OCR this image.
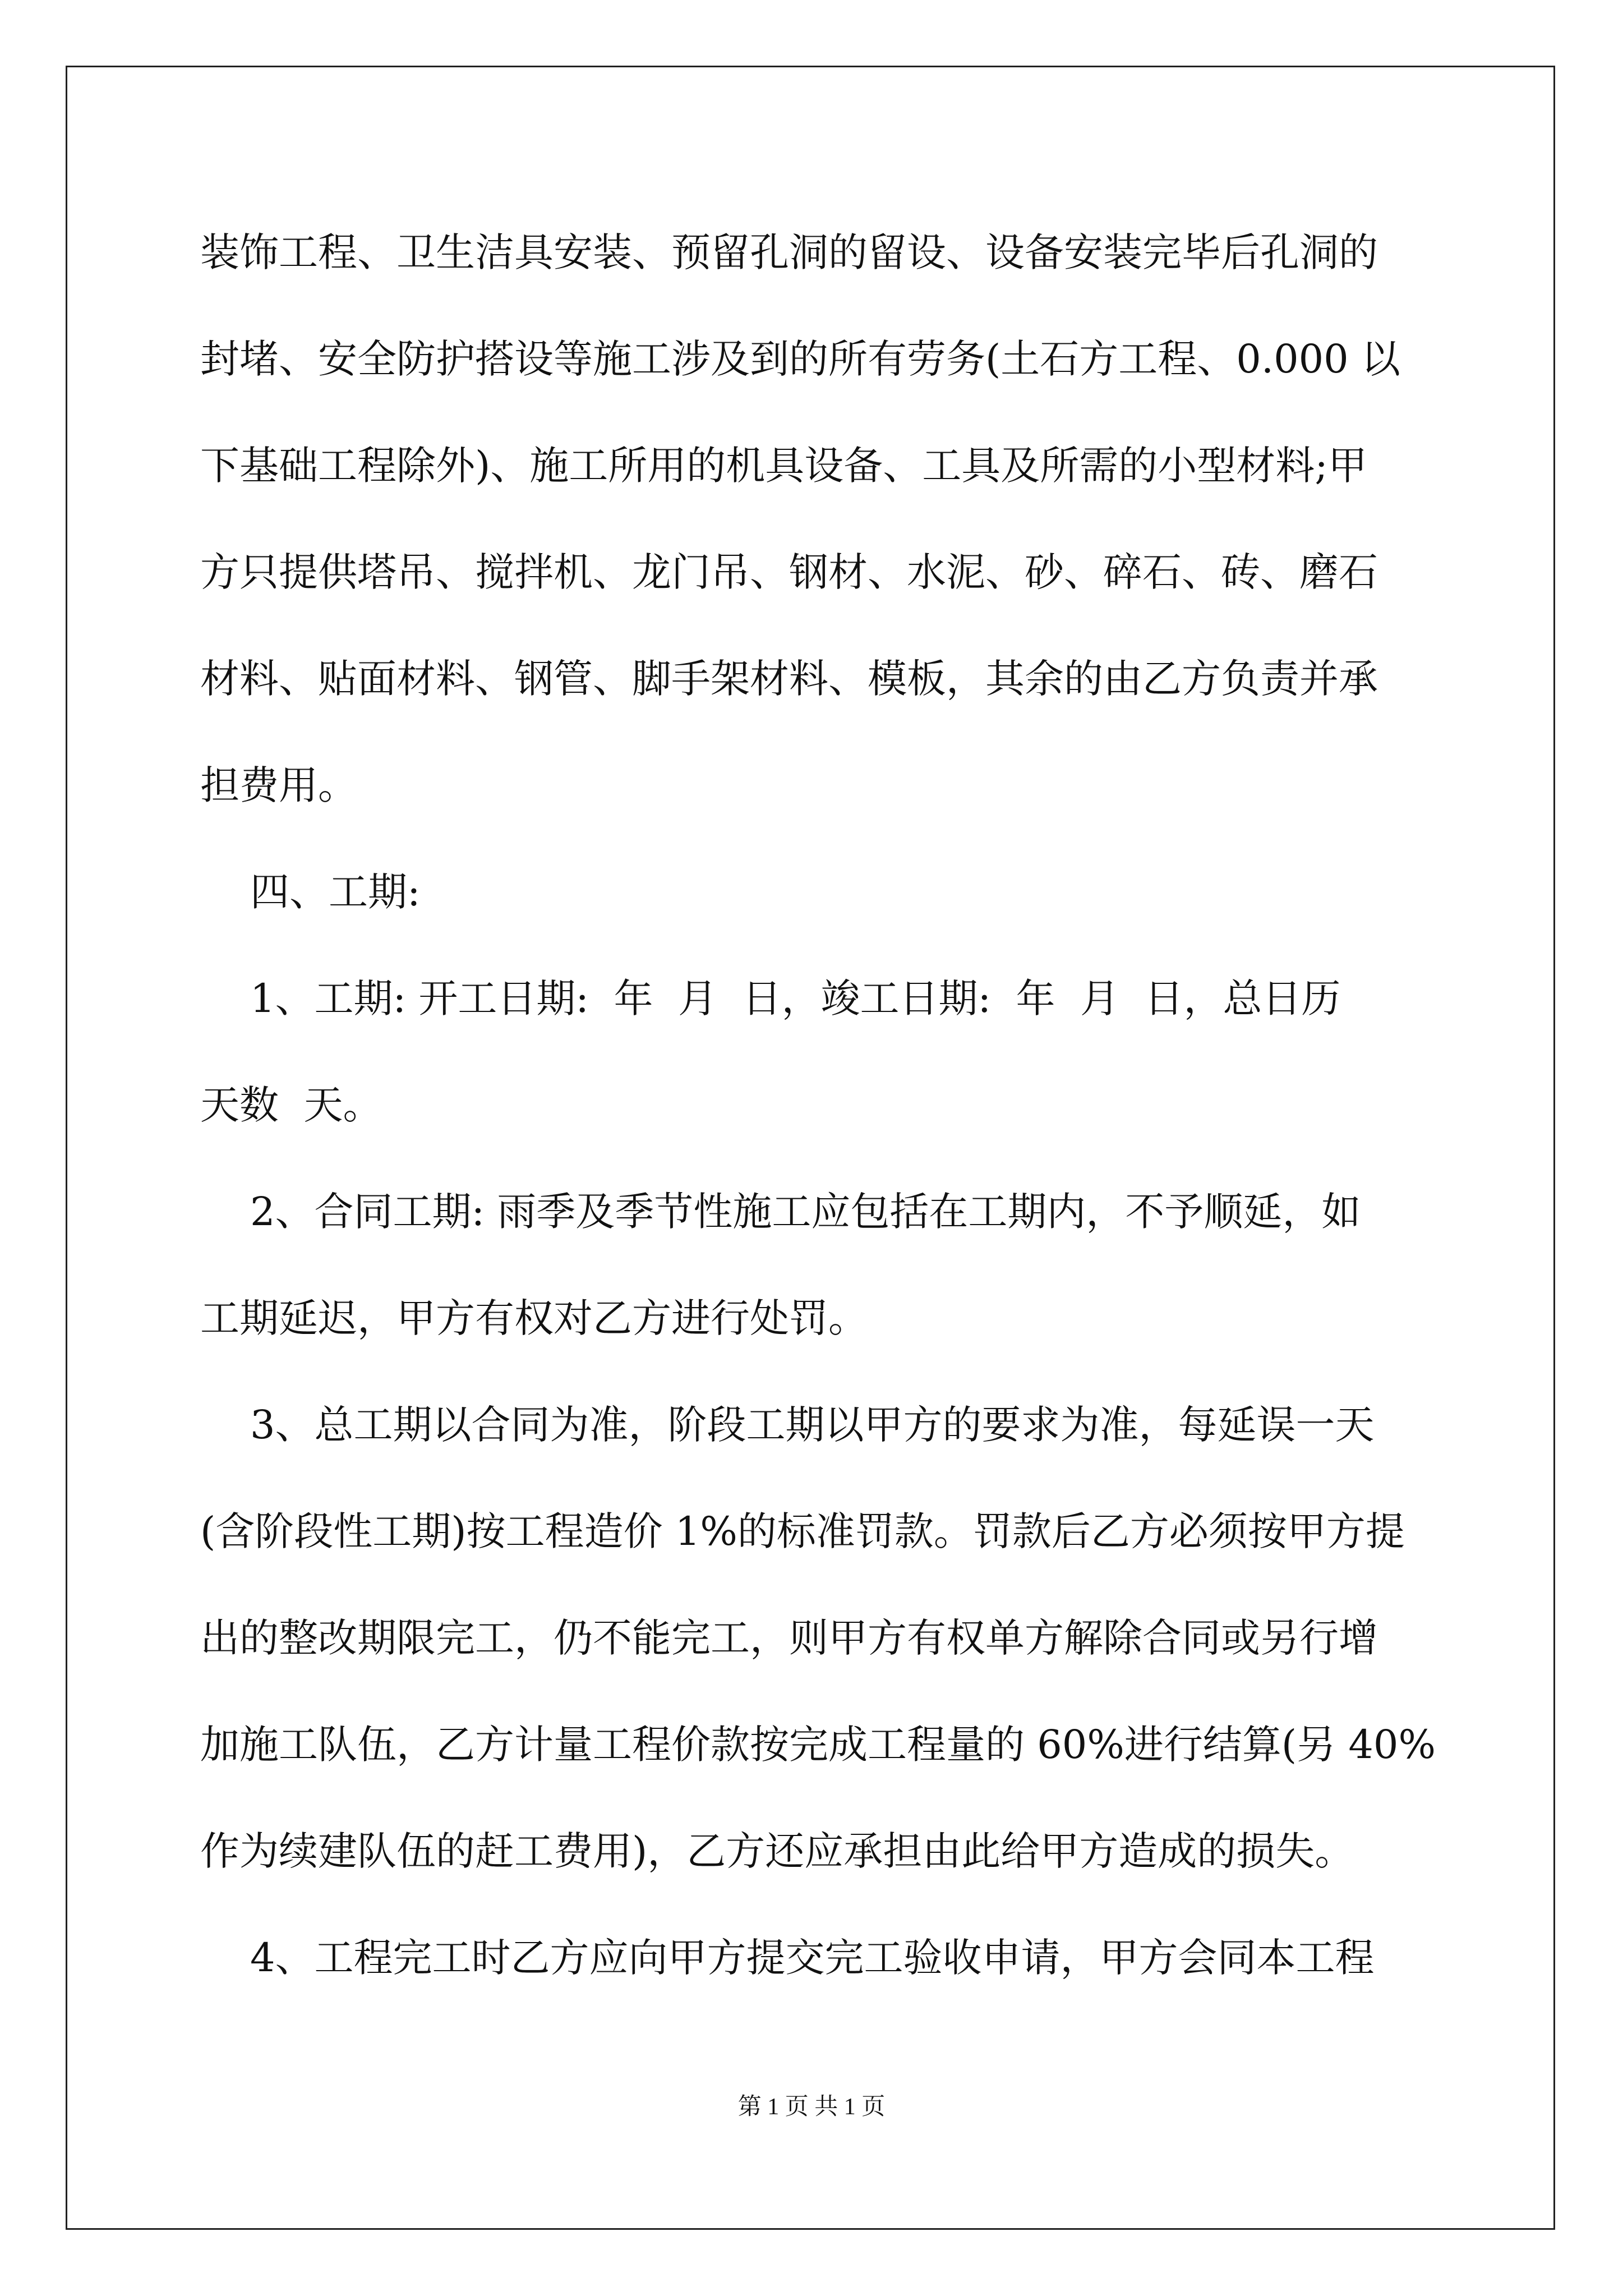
装饰工程、卫生洁具安装、预留孔洞的留设、设备安装完毕后孔洞的
封堵、安全防护搭设等施工涉及到的所有劳务(土石方工程、0.000 以
下基础工程除外)、施工所用的机具设备、工具及所需的小型材料;甲
方只提供塔吊、搅拌机、龙门吊、钢材、水泥、砂、碎石、砖、磨石
材料、贴面材料、钢管、脚手架材料、模板，其余的由乙方负责并承
担费用。
四、工期:
1、工期: 开工日期:  年  月  日，竣工日期:  年  月  日，总日历
天数  天。
2、合同工期: 雨季及季节性施工应包括在工期内，不予顺延，如
工期延迟，甲方有权对乙方进行处罚。
3、总工期以合同为准，阶段工期以甲方的要求为准，每延误一天
(含阶段性工期)按工程造价 1%的标准罚款。罚款后乙方必须按甲方提
出的整改期限完工，仍不能完工，则甲方有权单方解除合同或另行增
加施工队伍，乙方计量工程价款按完成工程量的 60%进行结算(另 40%
作为续建队伍的赶工费用)，乙方还应承担由此给甲方造成的损失。
4、工程完工时乙方应向甲方提交完工验收申请，甲方会同本工程
第 1 页 共 1 页
